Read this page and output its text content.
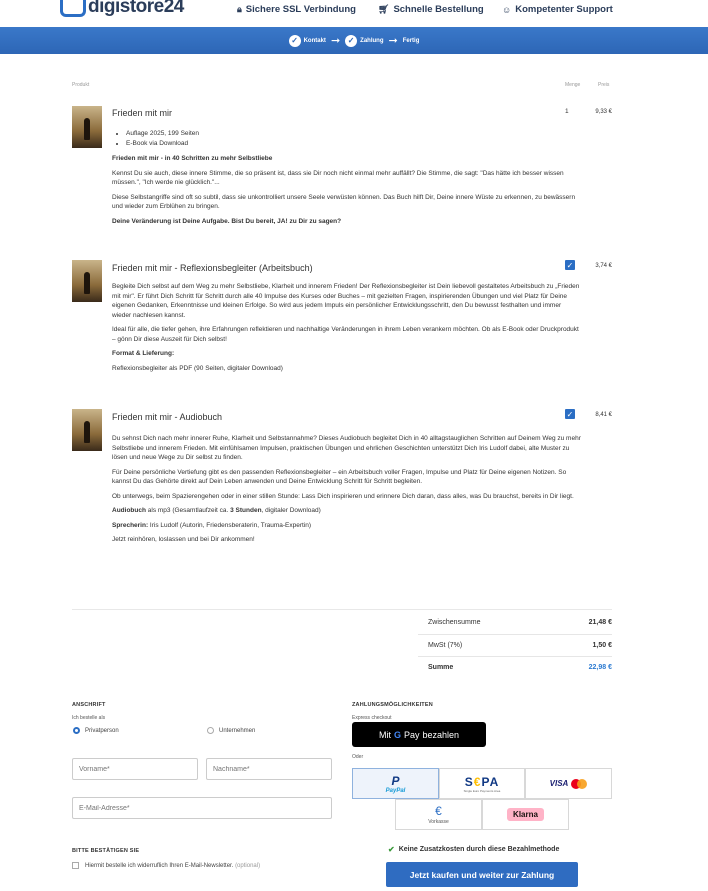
digistore24	🔒︎ Sichere SSL Verbindung 🛒︎ Schnelle Bestellung ☺ Kompetenter Support
✓ Kontakt ➞ ✓ Zahlung ➞ Fertig
Produkt	Menge	Preis
Frieden mit mir	1	9,33 €
• Auflage 2025, 199 Seiten
• E-Book via Download

Frieden mit mir - in 40 Schritten zu mehr Selbstliebe

Kennst Du sie auch, diese innere Stimme, die so präsent ist, dass sie Dir noch nicht einmal mehr auffällt? Die Stimme, die sagt: "Das hätte ich besser wissen müssen.", "Ich werde nie glücklich."...

Diese Selbstangriffe sind oft so subtil, dass sie unkontrolliert unsere Seele verwüsten können. Das Buch hilft Dir, Deine innere Wüste zu erkennen, zu bewässern und wieder zum Erblühen zu bringen.

Deine Veränderung ist Deine Aufgabe. Bist Du bereit, JA! zu Dir zu sagen?

Frieden mit mir - Reflexionsbegleiter (Arbeitsbuch)	✓	3,74 €

Begleite Dich selbst auf dem Weg zu mehr Selbstliebe, Klarheit und innerem Frieden! Der Reflexionsbegleiter ist Dein liebevoll gestaltetes Arbeitsbuch zu „Frieden mit mir". Er führt Dich Schritt für Schritt durch alle 40 Impulse des Kurses oder Buches – mit gezielten Fragen, inspirierenden Übungen und viel Platz für Deine eigenen Gedanken, Erkenntnisse und kleinen Erfolge. So wird aus jedem Impuls ein persönlicher Entwicklungsschritt, den Du bewusst festhalten und immer wieder nachlesen kannst.

Ideal für alle, die tiefer gehen, ihre Erfahrungen reflektieren und nachhaltige Veränderungen in ihrem Leben verankern möchten. Ob als E-Book oder Druckprodukt – gönn Dir diese Auszeit für Dich selbst!

Format & Lieferung:

Reflexionsbegleiter als PDF (90 Seiten, digitaler Download)

Frieden mit mir - Audiobuch	✓	8,41 €

Du sehnst Dich nach mehr innerer Ruhe, Klarheit und Selbstannahme? Dieses Audiobuch begleitet Dich in 40 alltagstauglichen Schritten auf Deinem Weg zu mehr Selbstliebe und innerem Frieden. Mit einfühlsamen Impulsen, praktischen Übungen und ehrlichen Geschichten unterstützt Dich Iris Ludolf dabei, alte Muster zu lösen und neue Wege zu Dir selbst zu finden.

Für Deine persönliche Vertiefung gibt es den passenden Reflexionsbegleiter – ein Arbeitsbuch voller Fragen, Impulse und Platz für Deine eigenen Notizen. So kannst Du das Gehörte direkt auf Dein Leben anwenden und Deine Entwicklung Schritt für Schritt begleiten.

Ob unterwegs, beim Spazierengehen oder in einer stillen Stunde: Lass Dich inspirieren und erinnere Dich daran, dass alles, was Du brauchst, bereits in Dir liegt.

Audiobuch als mp3 (Gesamtlaufzeit ca. 3 Stunden, digitaler Download)

Sprecherin: Iris Ludolf (Autorin, Friedensberaterin, Trauma-Expertin)

Jetzt reinhören, loslassen und bei Dir ankommen!

Zwischensumme	21,48 €
MwSt (7%)	1,50 €
Summe	22,98 €
ANSCHRIFT
Ich bestelle als
Privatperson	Unternehmen
Vorname*
Nachname*
E-Mail-Adresse*
BITTE BESTÄTIGEN SIE
Hiermit bestelle ich widerruflich Ihren E-Mail-Newsletter. (optional)
ZAHLUNGSMÖGLICHKEITEN
Express checkout
Mit G Pay bezahlen
Oder
P
PayPal
S€PA
Single Euro Payments Area
VISA
€
Vorkasse
Klarna
✔ Keine Zusatzkosten durch diese Bezahlmethode
Jetzt kaufen und weiter zur Zahlung
